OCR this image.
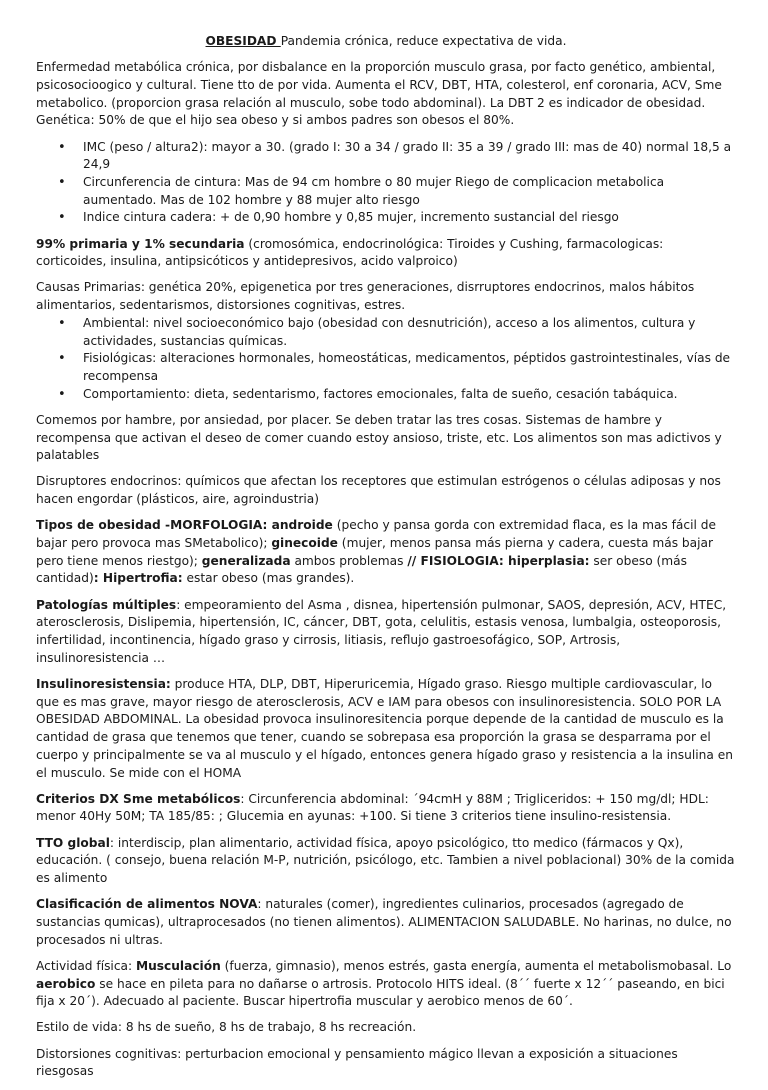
OBESIDAD Pandemia crónica, reduce expectativa de vida.

Enfermedad metabólica crónica, por disbalance en la proporción musculo grasa, por facto genético, ambiental, psicosocioogico y cultural. Tiene tto de por vida. Aumenta el RCV, DBT, HTA, colesterol, enf coronaria, ACV, Sme metabolico. (proporcion grasa relación al musculo, sobe todo abdominal). La DBT 2 es indicador de obesidad. Genética: 50% de que el hijo sea obeso y si ambos padres son obesos el 80%.

• IMC (peso / altura2): mayor a 30. (grado I: 30 a 34 / grado II: 35 a 39 / grado III: mas de 40) normal 18,5 a 24,9
• Circunferencia de cintura: Mas de 94 cm hombre o 80 mujer Riego de complicacion metabolica aumentado. Mas de 102 hombre y 88 mujer alto riesgo
• Indice cintura cadera: + de 0,90 hombre y 0,85 mujer, incremento sustancial del riesgo

99% primaria y 1% secundaria (cromosómica, endocrinológica: Tiroides y Cushing, farmacologicas: corticoides, insulina, antipsicóticos y antidepresivos, acido valproico)

Causas Primarias: genética 20%, epigenetica por tres generaciones, disrruptores endocrinos, malos hábitos alimentarios, sedentarismos, distorsiones cognitivas, estres.

• Ambiental: nivel socioeconómico bajo (obesidad con desnutrición), acceso a los alimentos, cultura y actividades, sustancias químicas.
• Fisiológicas: alteraciones hormonales, homeostáticas, medicamentos, péptidos gastrointestinales, vías de recompensa
• Comportamiento: dieta, sedentarismo, factores emocionales, falta de sueño, cesación tabáquica.

Comemos por hambre, por ansiedad, por placer. Se deben tratar las tres cosas. Sistemas de hambre y recompensa que activan el deseo de comer cuando estoy ansioso, triste, etc. Los alimentos son mas adictivos y palatables

Disruptores endocrinos: químicos que afectan los receptores que estimulan estrógenos o células adiposas y nos hacen engordar (plásticos, aire, agroindustria)

Tipos de obesidad -MORFOLOGIA: androide (pecho y pansa gorda con extremidad flaca, es la mas fácil de bajar pero provoca mas SMetabolico); ginecoide (mujer, menos pansa más pierna y cadera, cuesta más bajar pero tiene menos riestgo); generalizada ambos problemas // FISIOLOGIA: hiperplasia: ser obeso (más cantidad): Hipertrofia: estar obeso (mas grandes).

Patologías múltiples: empeoramiento del Asma , disnea, hipertensión pulmonar, SAOS, depresión, ACV, HTEC, aterosclerosis, Dislipemia, hipertensión, IC, cáncer, DBT, gota, celulitis, estasis venosa, lumbalgia, osteoporosis, infertilidad, incontinencia, hígado graso y cirrosis, litiasis, reflujo gastroesofágico, SOP, Artrosis, insulinoresistencia …

Insulinoresistensia: produce HTA, DLP, DBT, Hiperuricemia, Hígado graso. Riesgo multiple cardiovascular, lo que es mas grave, mayor riesgo de aterosclerosis, ACV e IAM para obesos con insulinoresistencia. SOLO POR LA OBESIDAD ABDOMINAL. La obesidad provoca insulinoresitencia porque depende de la cantidad de musculo es la cantidad de grasa que tenemos que tener, cuando se sobrepasa esa proporción la grasa se desparrama por el cuerpo y principalmente se va al musculo y el hígado, entonces genera hígado graso y resistencia a la insulina en el musculo. Se mide con el HOMA

Criterios DX Sme metabólicos: Circunferencia abdominal: ´94cmH y 88M ; Trigliceridos: + 150 mg/dl; HDL: menor 40Hy 50M; TA 185/85: ; Glucemia en ayunas: +100. Si tiene 3 criterios tiene insulino-resistensia.

TTO global: interdiscip, plan alimentario, actividad física, apoyo psicológico, tto medico (fármacos y Qx), educación. ( consejo, buena relación M-P, nutrición, psicólogo, etc. Tambien a nivel poblacional) 30% de la comida es alimento

Clasificación de alimentos NOVA: naturales (comer), ingredientes culinarios, procesados (agregado de sustancias qumicas), ultraprocesados (no tienen alimentos). ALIMENTACION SALUDABLE. No harinas, no dulce, no procesados ni ultras.

Actividad física: Musculación (fuerza, gimnasio), menos estrés, gasta energía, aumenta el metabolismobasal. Lo aerobico se hace en pileta para no dañarse o artrosis. Protocolo HITS ideal. (8´´ fuerte x 12´´ paseando, en bici fija x 20´). Adecuado al paciente. Buscar hipertrofia muscular y aerobico menos de 60´.

Estilo de vida: 8 hs de sueño, 8 hs de trabajo, 8 hs recreación.

Distorsiones cognitivas: perturbacion emocional y pensamiento mágico llevan a exposición a situaciones riesgosas
